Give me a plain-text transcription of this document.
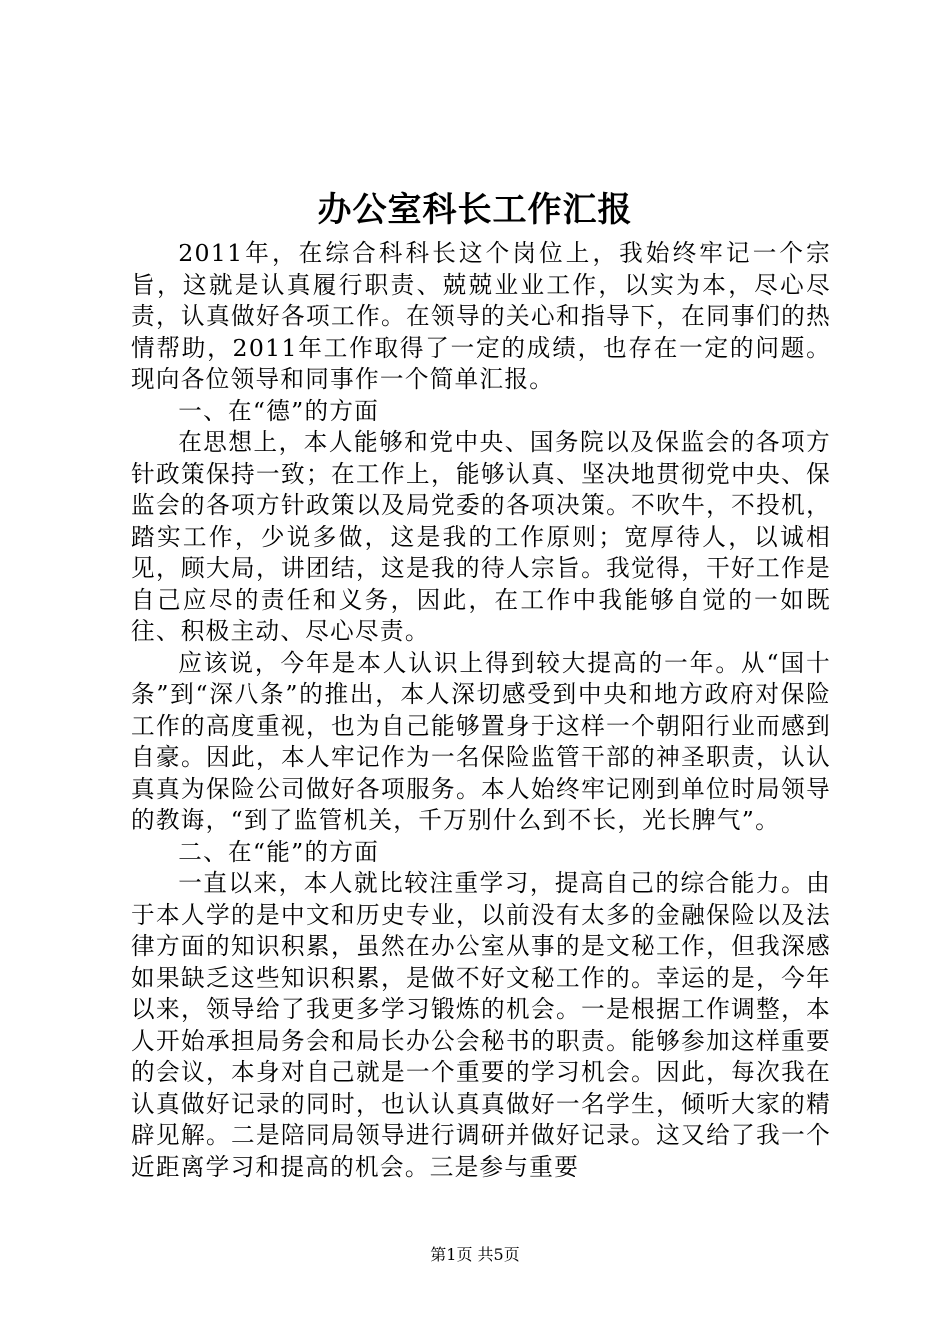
办公室科长工作汇报

2011年，在综合科科长这个岗位上，我始终牢记一个宗旨，这就是认真履行职责、兢兢业业工作，以实为本，尽心尽责，认真做好各项工作。在领导的关心和指导下，在同事们的热情帮助，2011年工作取得了一定的成绩，也存在一定的问题。现向各位领导和同事作一个简单汇报。

一、在“德”的方面

在思想上，本人能够和党中央、国务院以及保监会的各项方针政策保持一致；在工作上，能够认真、坚决地贯彻党中央、保监会的各项方针政策以及局党委的各项决策。不吹牛，不投机，踏实工作，少说多做，这是我的工作原则；宽厚待人，以诚相见，顾大局，讲团结，这是我的待人宗旨。我觉得，干好工作是自己应尽的责任和义务，因此，在工作中我能够自觉的一如既往、积极主动、尽心尽责。

应该说，今年是本人认识上得到较大提高的一年。从“国十条”到“深八条”的推出，本人深切感受到中央和地方政府对保险工作的高度重视，也为自己能够置身于这样一个朝阳行业而感到自豪。因此，本人牢记作为一名保险监管干部的神圣职责，认认真真为保险公司做好各项服务。本人始终牢记刚到单位时局领导的教诲，“到了监管机关，千万别什么到不长，光长脾气”。

二、在“能”的方面

一直以来，本人就比较注重学习，提高自己的综合能力。由于本人学的是中文和历史专业，以前没有太多的金融保险以及法律方面的知识积累，虽然在办公室从事的是文秘工作，但我深感如果缺乏这些知识积累，是做不好文秘工作的。幸运的是，今年以来，领导给了我更多学习锻炼的机会。一是根据工作调整，本人开始承担局务会和局长办公会秘书的职责。能够参加这样重要的会议，本身对自己就是一个重要的学习机会。因此，每次我在认真做好记录的同时，也认认真真做好一名学生，倾听大家的精辟见解。二是陪同局领导进行调研并做好记录。这又给了我一个近距离学习和提高的机会。三是参与重要

第1页 共5页
